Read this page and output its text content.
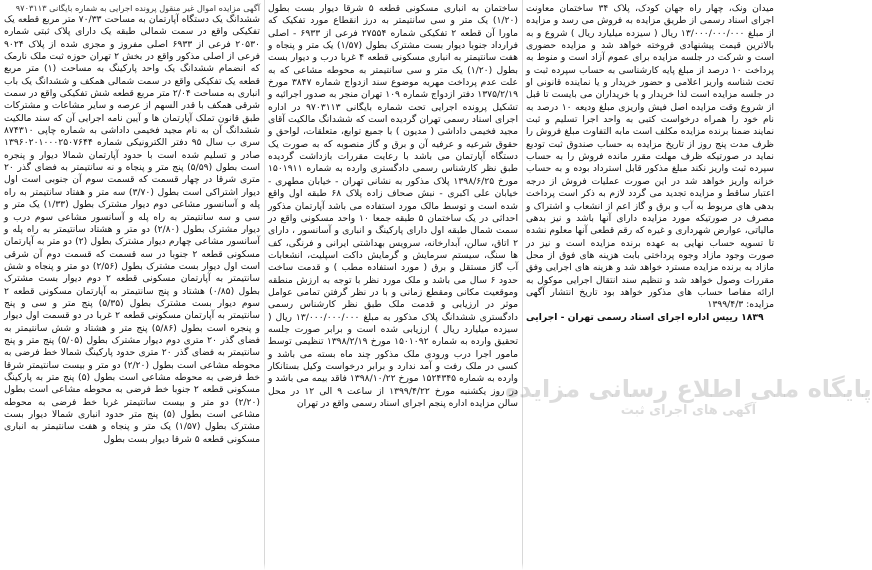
میدان ونک، چهار راه جهان کودک، پلاک ۳۴ ساختمان معاونت اجرای اسناد رسمی از طریق مزایده به فروش می رسد و مزایده از مبلغ ۱۳/۰۰۰/۰۰۰/۰۰۰ ریال ( سیزده میلیارد ریال ) شروع و به بالاترین قیمت پیشنهادی فروخته خواهد شد و مزایده حضوری است و شرکت در جلسه مزایده برای عموم آزاد است و منوط به پرداخت ۱۰ درصد از مبلغ پایه کارشناسی به حساب سپرده ثبت و تحت شناسه واریز اعلامی و حضور خریدار و یا نماینده قانونی او در جلسه مزایده است لذا خریدار و یا خریداران می بایست تا قبل از شروع وقت مزایده اصل فیش واریزی مبلغ ودیعه ۱۰ درصد به نام خود را همراه درخواست کتبی به واحد اجرا تسلیم و ثبت نمایند ضمنا برنده مزایده مکلف است مابه التفاوت مبلغ فروش را ظرف مدت پنج روز از تاریخ مزایده به حساب صندوق ثبت توديع نمايد در صورتیکه ظرف مهلت مقرر مانده فروش را به حساب سپرده ثبت واریز نکند مبلغ مذکور قابل استرداد بوده و به حساب خزانه واریز خواهد شد در این صورت عملیات فروش از درجه اعتبار ساقط و مزایده تجدید می گردد لازم به ذکر است پرداخت بدهی های مربوط به آب و برق و گاز اعم از انشعاب و اشتراک و مصرف در صورتیکه مورد مزایده دارای آنها باشد و نیز بدهی مالیاتی، عوارض شهرداری و غیره که رقم قطعی آنها معلوم نشده تا تسویه حساب نهایی به عهده برنده مزایده است و نیز در صورت وجود مازاد وجوه پرداختی بابت هزینه های فوق از محل مازاد به برنده مزایده مسترد خواهد شد و هزینه های اجرایی وفق مقررات وصول خواهد شد و تنظیم سند انتقال اجرایی موکول به ارائه مفاصا حساب های مذکور خواهد بود تاریخ انتشار آگهی مزایده: ۱۳۹۹/۴/۳

۱۸۳۹ رییس اداره اجرای اسناد رسمی تهران - اجرایی

ساختمان به انباری مسکونی قطعه ۵ شرقا دیوار بست بطول (۱/۲۰) یک متر و سی سانتیمتر به درز انقطاع مورد تفکیک که ماورا آن قطعه ۲ تفکیکی شماره ۲۷۵۵۴ فرعی از ۶۹۳۳ - اصلی فرارداد جنوبا دیوار بست مشترک بطول (۱/۵۷) یک متر و پنجاه و هفت سانتیمتر به انباری مسکونی قطعه ۴ غربا درب و دیوار بست بطول (۱/۲۰) یک متر و سی سانتیمتر به محوطه مشاعی که به علت عدم پرداخت مهریه موضوع سند ازدواج شماره ۳۸۴۷ مورخ ۱۳۷۵/۲/۱۹ دفتر ازدواج شماره ۱۰۹ تهران منجر به صدور اجرائیه و تشکیل پرونده اجرایی تحت شماره بایگانی ۹۷۰۳۱۱۳ در اداره اجرای اسناد رسمی تهران گردیده است که ششدانگ مالکیت آقای مجید فخیمی داداشی ( مدیون ) با جمیع توابع، متعلقات، لواحق و حقوق شرعیه و عرفیه آن و برق و گاز منصوبه که به صورت یک دستگاه آپارتمان می باشد با رعایت مقررات بازداشت گردیده طبق نظر کارشناس رسمی دادگستری وارده به شماره ۱۵۰۱۹۱۱ مورخ ۱۳۹۸/۶/۲۵ پلاک مذکور به نشانی تهران - خیابان مطهری - خیابان علی اکبری - نبش صحاف زاده پلاک ۶۸ طبقه اول واقع شده است و توسط مالک مورد استفاده می باشد آپارتمان مذکور احداثی در یک ساختمان ۵ طبقه جمعا ۱۰ واحد مسکونی واقع در سمت شمال طبقه اول دارای پارکینگ و انباری و آسانسور ، دارای ۲ اتاق، سالن، آبدارخانه، سرویس بهداشتی ایرانی و فرنگی، کف ها سنگ، سیستم سرمایش و گرمایش داکت اسپلیت، انشعابات آب گاز مستقل و برق ( مورد استفاده مطب ) و قدمت ساخت حدود ۶ سال می باشد و ملک مورد نظر با توجه به ارزش منطقه وموقعیت مکانی ومقطع زمانی و با در نظر گرفتن تمامی عوامل موثر در ارزیابی و قدمت ملک طبق نظر کارشناس رسمی دادگستری ششدانگ پلاک مذکور به مبلغ ۱۳/۰۰۰/۰۰۰/۰۰۰ ریال ( سیزده میلیارد ریال ) ارزیابی شده است و برابر صورت جلسه تحقیق وارده به شماره ۱۵۰۱۰۹۲ مورخ ۱۳۹۸/۲/۱۹ تنظیمی توسط مامور اجرا درب ورودی ملک مذکور چند ماه بسته می باشد و کسی در ملک رفت و آمد ندارد و برابر درخواست وکیل بستانکار وارده به شماره ۱۵۲۴۳۴۵ مورخ ۱۳۹۸/۱۰/۲۲ فاقد بیمه می باشد و در روز یکشنبه مورخ ۱۳۹۹/۴/۲۲ از ساعت ۹ الی ۱۲ در محل سالن مزایده اداره پنجم اجرای اسناد رسمی واقع در تهران

آگهی مزایده اموال غیر منقول پرونده اجرایی به شماره بایگانی ۹۷۰۳۱۱۳

ششدانگ یک دستگاه آپارتمان به مساحت ۷۰/۳۳ متر مربع قطعه یک تفکیکی واقع در سمت شمالی طبقه یک دارای پلاک ثبتی شماره ۲۰۵۳۰ فرعی از ۶۹۳۳ اصلی مفروز و مجزی شده از پلاک ۹۰۲۴ فرعی از اصلی مذکور واقع در بخش ۲ تهران حوزه ثبت ملک نارمک که انضمام ششدانگ یک واحد پارکینگ به مساحت (۱) متر مربع قطعه یک تفکیکی واقع در سمت شمالی همکف و ششدانگ یک باب انباری به مساحت ۲/۰۴ متر مربع قطعه شش تفکیکی واقع در سمت شرقی همکف با قدر السهم از عرصه و سایر مشاعات و مشترکات طبق قانون تملک آپارتمان ها و آیین نامه اجرایی آن که سند مالکیت ششدانگ آن به نام مجید فخیمی داداشی به شماره چاپی ۸۷۴۳۱۰ سری ب سال ۹۵ دفتر الکترونیکی شماره ۱۳۹۶۰۲۰۱۰۰۰۲۵۰۷۶۴۴ صادر و تسلیم شده است با حدود آپارتمان شمالا دیوار و پنجره است بطول (۵/۵۹) پنج متر و پنجاه و نه سانتیمتر به فضای گذر ۲۰ متری شرقا در چهار قسمت که قسمت سوم آن جنوبی است اول دیوار اشتراکی است بطول (۳/۷۰) سه متر و هفتاد سانتیمتر به راه پله و آسانسور مشاعی دوم دیوار مشترک بطول (۱/۳۳) یک متر و سی و سه سانتیمتر به راه پله و آسانسور مشاعی سوم درب و دیوار مشترک بطول (۲/۸۰) دو متر و هشتاد سانتیمتر به راه پله و آسانسور مشاعی چهارم دیوار مشترک بطول (۲) دو متر به آپارتمان مسکونی قطعه ۲ جنوبا در سه قسمت که قسمت دوم آن شرقی است اول دیوار بست مشترک بطول (۲/۵۶) دو متر و پنجاه و شش سانتیمتر به آپارتمان مسکونی قطعه ۲ دوم دیوار بست مشترک بطول (۰/۸۵) هشتاد و پنج سانتیمتر به آپارتمان مسکونی قطعه ۲ سوم دیوار بست مشترک بطول (۵/۳۵) پنج متر و سی و پنج سانتیمتر به آپارتمان مسکونی قطعه ۲ غربا در دو قسمت اول دیوار و پنجره است بطول (۵/۸۶) پنج متر و هشتاد و شش سانتیمتر به فضای گذر ۲۰ متری دوم دیوار مشترک بطول (۵/۰۵) پنج متر و پنج سانتیمتر به فضای گذر ۲۰ متری حدود پارکینگ شمالا خط فرضی به محوطه مشاعی است بطول (۲/۲۰) دو متر و بیست سانتیمتر شرقا خط فرضی به محوطه مشاعی است بطول (۵) پنج متر به پارکینگ مسکونی قطعه ۲ جنوبا خط فرضی به محوطه مشاعی است بطول (۲/۲۰) دو متر و بیست سانتیمتر غربا خط فرضی به محوطه مشاعی است بطول (۵) پنج متر حدود انباری شمالا دیوار بست مشترک بطول (۱/۵۷) یک متر و پنجاه و هفت سانتیمتر به انباری مسکونی قطعه ۵ شرقا دیوار بست بطول

پایگاه ملی اطلاع رسانی مزایده
آگهی های اجرای ثبت
